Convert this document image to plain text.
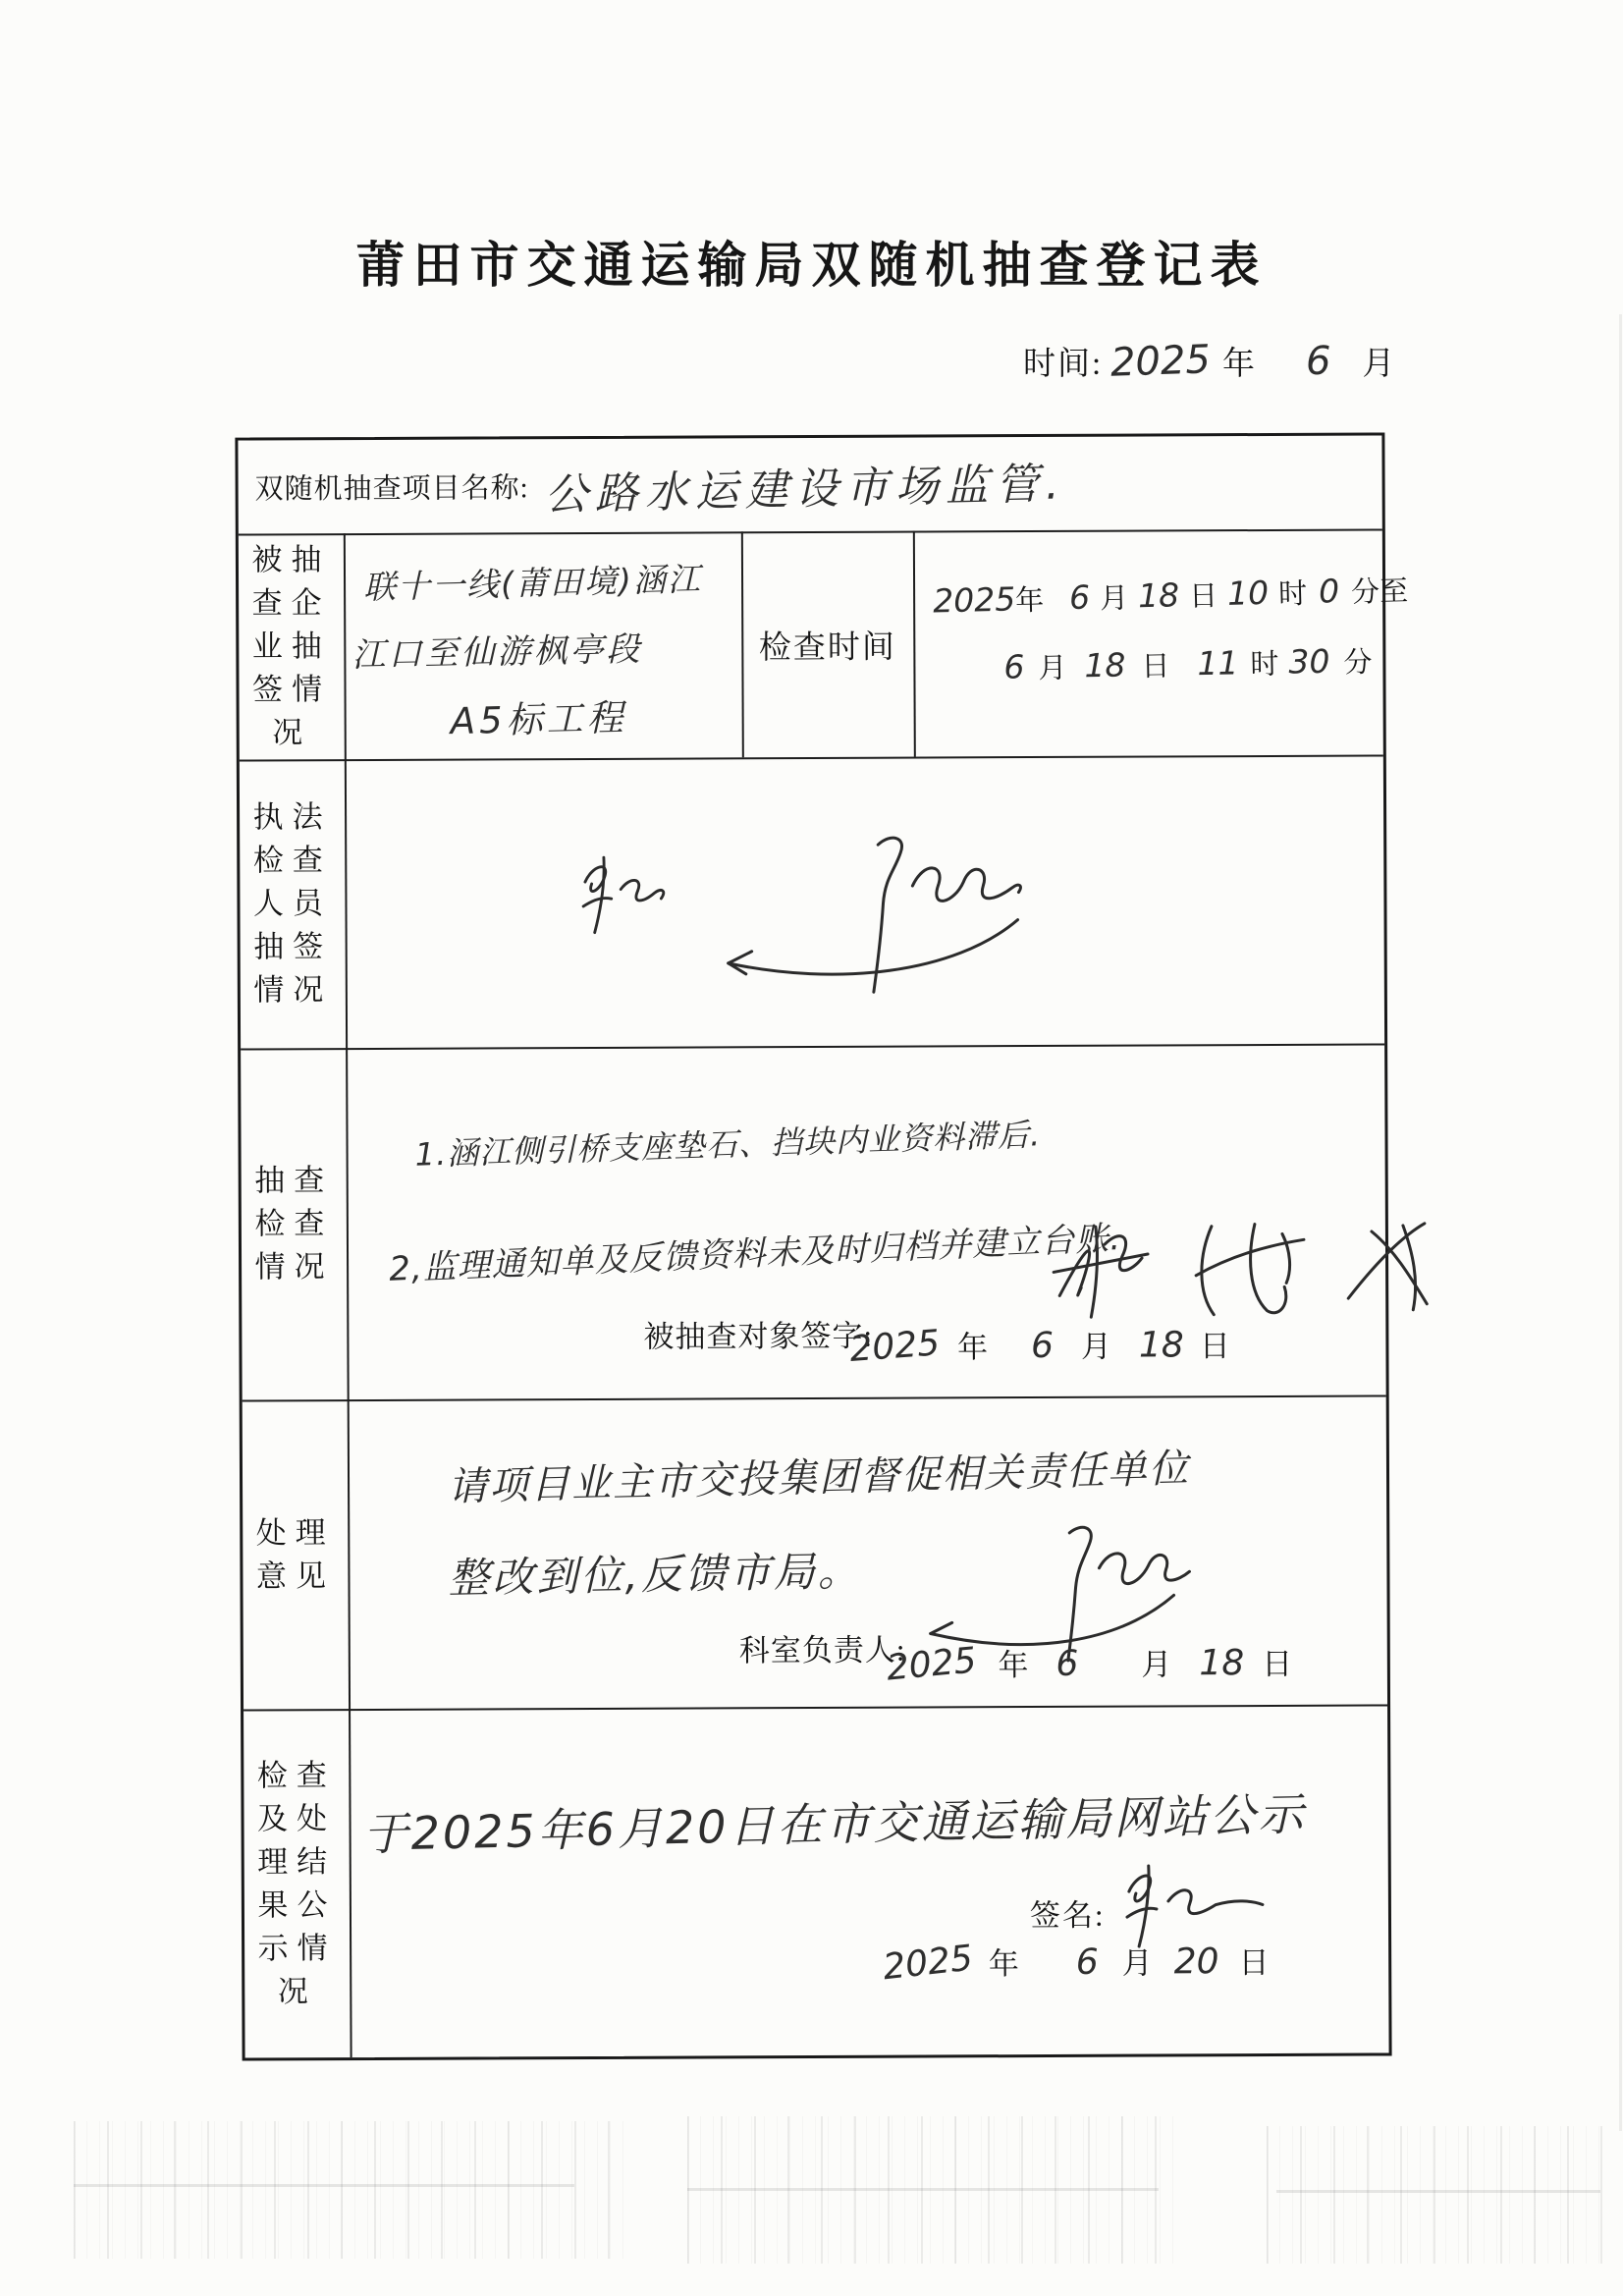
莆田市交通运输局双随机抽查登记表
时间: 2025 年 6 月
双随机抽查项目名称: 公路水运建设市场监管.
被抽查企业抽签情况
联十一线(莆田境)涵江
江口至仙游枫亭段
A5标工程
检查时间
2025 年 6 月 18 日 10 时 0 分 至
6 月 18 日 11 时 30 分
执法检查人员抽签情况
抽查检查情况
1.涵江侧引桥支座垫石、挡块内业资料滞后.
2,监理通知单及反馈资料未及时归档并建立台账.
被抽查对象签字:
2025 年 6 月 18 日
处理意见
请项目业主市交投集团督促相关责任单位
整改到位,反馈市局。
科室负责人:
2025 年 6 月 18 日
检查及处理结果公示情况
于2025年6月20日在市交通运输局网站公示
签名:
2025 年 6 月 20 日
